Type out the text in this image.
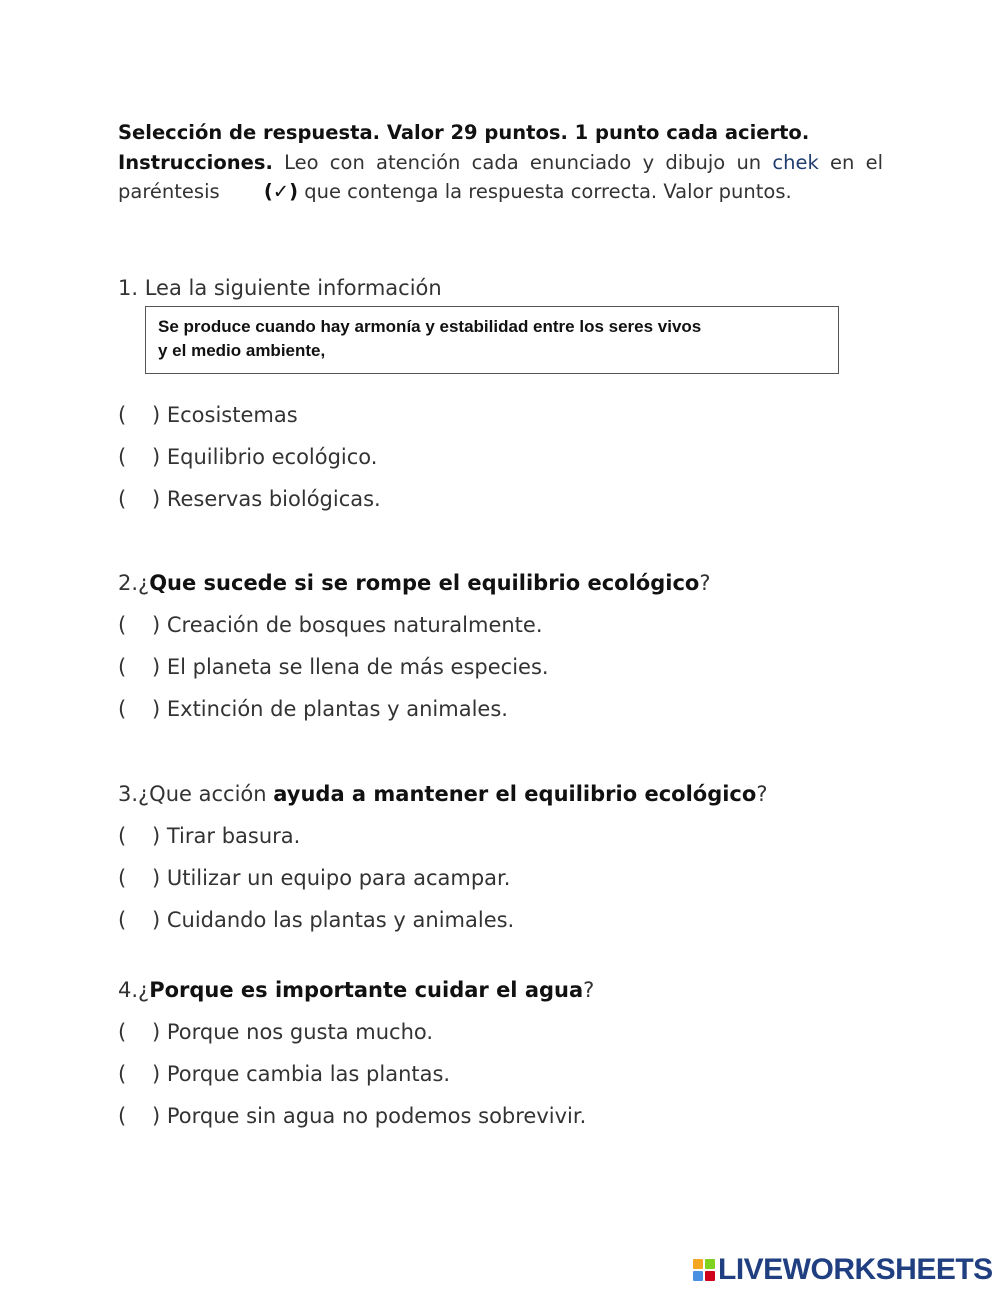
Selección de respuesta. Valor 29 puntos. 1 punto cada acierto.
Instrucciones. Leo con atención cada enunciado y dibujo un chek en el paréntesis (✓) que contenga la respuesta correcta. Valor puntos.
1. Lea la siguiente información
Se produce cuando hay armonía y estabilidad entre los seres vivos
y el medio ambiente,
( ) Ecosistemas
( ) Equilibrio ecológico.
( ) Reservas biológicas.
2.¿Que sucede si se rompe el equilibrio ecológico?
( ) Creación de bosques naturalmente.
( ) El planeta se llena de más especies.
( ) Extinción de plantas y animales.
3.¿Que acción ayuda a mantener el equilibrio ecológico?
( ) Tirar basura.
( ) Utilizar un equipo para acampar.
( ) Cuidando las plantas y animales.
4.¿Porque es importante cuidar el agua?
( ) Porque nos gusta mucho.
( ) Porque cambia las plantas.
( ) Porque sin agua no podemos sobrevivir.
LIVEWORKSHEETS
